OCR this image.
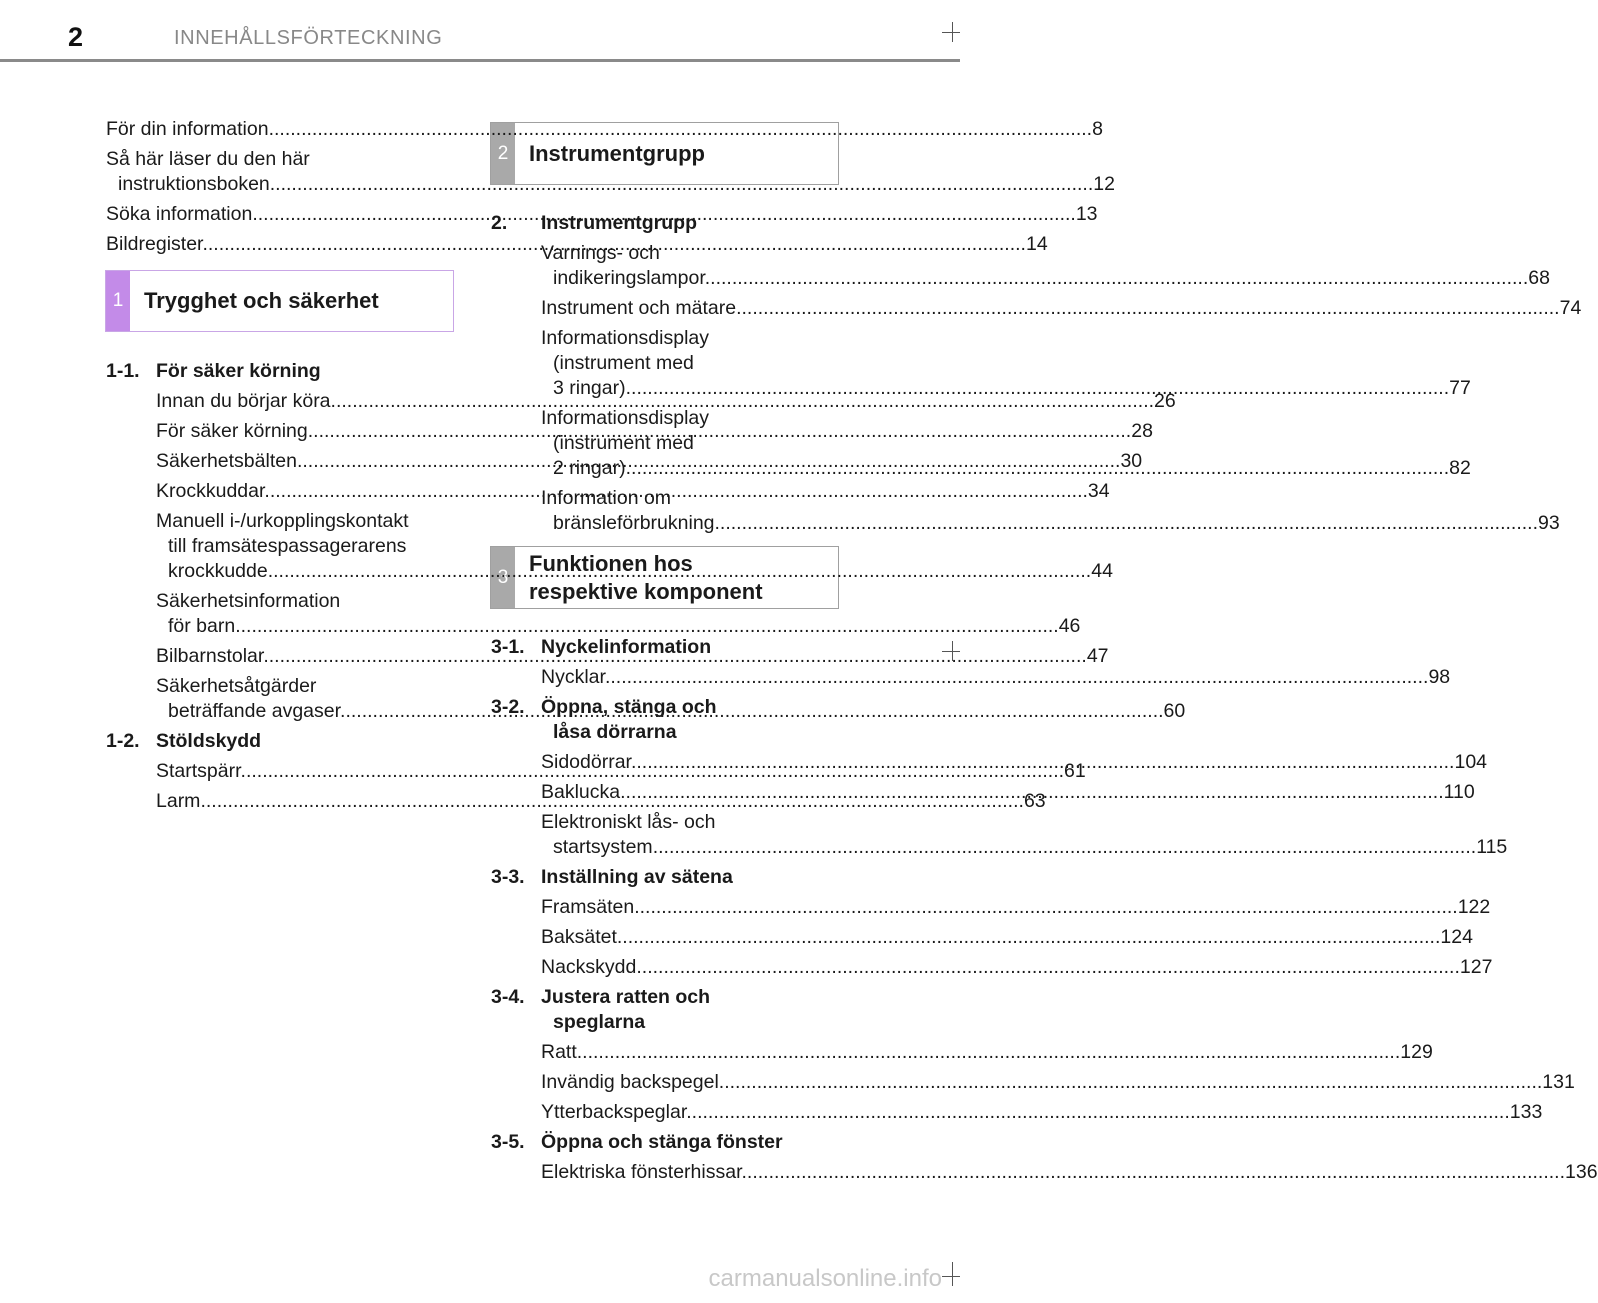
2	INNEHÅLLSFÖRTECKNING
1 Trygghet och säkerhet
2 Instrumentgrupp
3
Funktionen hos
respektive komponent
För din information .....	8
Så här läser du den här
instruktionsboken .....	12
Söka information .....	13
Bildregister .....	14
1-1. För säker körning
Innan du börjar köra .....	26
För säker körning .....	28
Säkerhetsbälten .....	30
Krockkuddar .....	34
Manuell i-/urkopplingskontakt
till framsätespassagerarens
krockkudde .....	44
Säkerhetsinformation
för barn .....	46
Bilbarnstolar .....	47
Säkerhetsåtgärder
beträffande avgaser .....	60
1-2. Stöldskydd
Startspärr .....	61
Larm .....	63
2.	Instrumentgrupp
Varnings- och
indikeringslampor .....	68
Instrument och mätare .....	74
Informationsdisplay
(instrument med
3 ringar) .....	77
Informationsdisplay
(instrument med
2 ringar) .....	82
Information om
bränsleförbrukning .....	93
3-1. Nyckelinformation
Nycklar .....	98
3-2. Öppna, stänga och
låsa dörrarna
Sidodörrar .....	104
Baklucka .....	110
Elektroniskt lås- och
startsystem .....	115
3-3. Inställning av sätena
Framsäten .....	122
Baksätet .....	124
Nackskydd .....	127
3-4. Justera ratten och
speglarna
Ratt .....	129
Invändig backspegel .....	131
Ytterbackspeglar .....	133
3-5. Öppna och stänga fönster
Elektriska fönsterhissar .....	136
carmanualsonline.info
